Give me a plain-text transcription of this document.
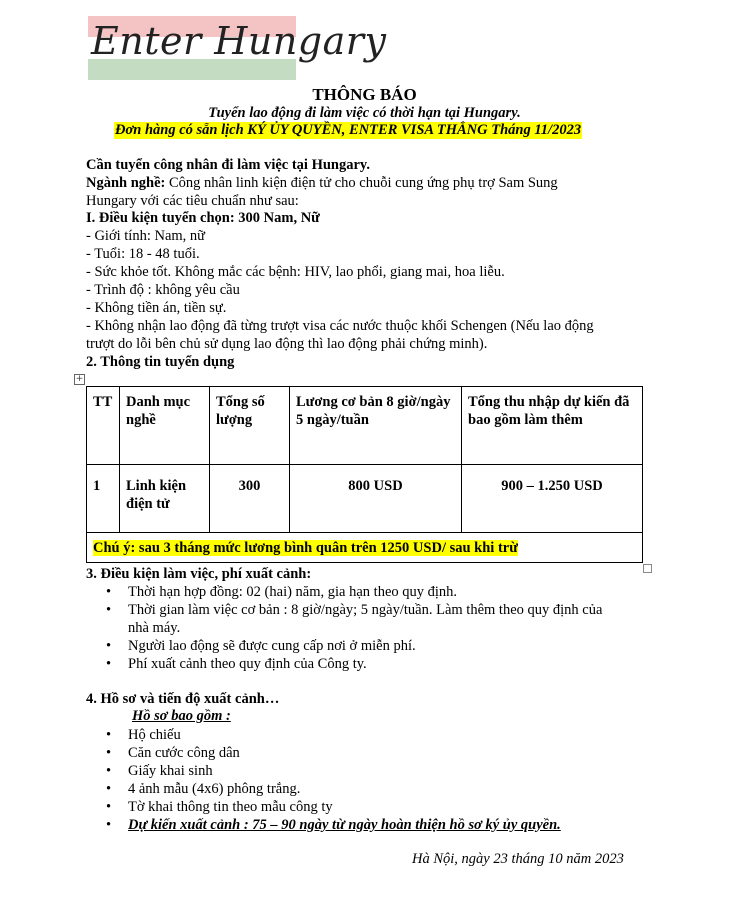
Enter Hungary
THÔNG BÁO
Tuyển lao động đi làm việc có thời hạn tại Hungary.
Đơn hàng có sẵn lịch KÝ ỦY QUYỀN, ENTER VISA THẲNG Tháng 11/2023
Cần tuyển công nhân đi làm việc tại Hungary.
Ngành nghề: Công nhân linh kiện điện tử cho chuỗi cung ứng phụ trợ Sam Sung
Hungary với các tiêu chuẩn như sau:
I. Điều kiện tuyển chọn: 300 Nam, Nữ
- Giới tính: Nam, nữ
- Tuổi: 18 - 48 tuổi.
- Sức khỏe tốt. Không mắc các bệnh: HIV, lao phổi, giang mai, hoa liễu.
- Trình độ : không yêu cầu
- Không tiền án, tiền sự.
- Không nhận lao động đã từng trượt visa các nước thuộc khối Schengen (Nếu lao động
trượt do lỗi bên chủ sử dụng lao động thì lao động phải chứng minh).
2. Thông tin tuyển dụng
+
TT	Danh mục nghề	Tổng số lượng	Lương cơ bản 8 giờ/ngày 5 ngày/tuần	Tổng thu nhập dự kiến đã bao gồm làm thêm
1	Linh kiện điện tử	300	800 USD	900 – 1.250 USD
Chú ý: sau 3 tháng mức lương bình quân trên 1250 USD/ sau khi trừ				
3. Điều kiện làm việc, phí xuất cảnh:
• Thời hạn hợp đồng: 02 (hai) năm, gia hạn theo quy định.
• Thời gian làm việc cơ bản : 8 giờ/ngày; 5 ngày/tuần. Làm thêm theo quy định của
nhà máy.
• Người lao động sẽ được cung cấp nơi ở miễn phí.
• Phí xuất cảnh theo quy định của Công ty.
4. Hồ sơ và tiến độ xuất cảnh…
Hồ sơ bao gồm :
• Hộ chiếu
• Căn cước công dân
• Giấy khai sinh
• 4 ảnh mẫu (4x6) phông trắng.
• Tờ khai thông tin theo mẫu công ty
• Dự kiến xuất cảnh : 75 – 90 ngày từ ngày hoàn thiện hồ sơ ký ủy quyền.
Hà Nội, ngày 23 tháng 10 năm 2023
